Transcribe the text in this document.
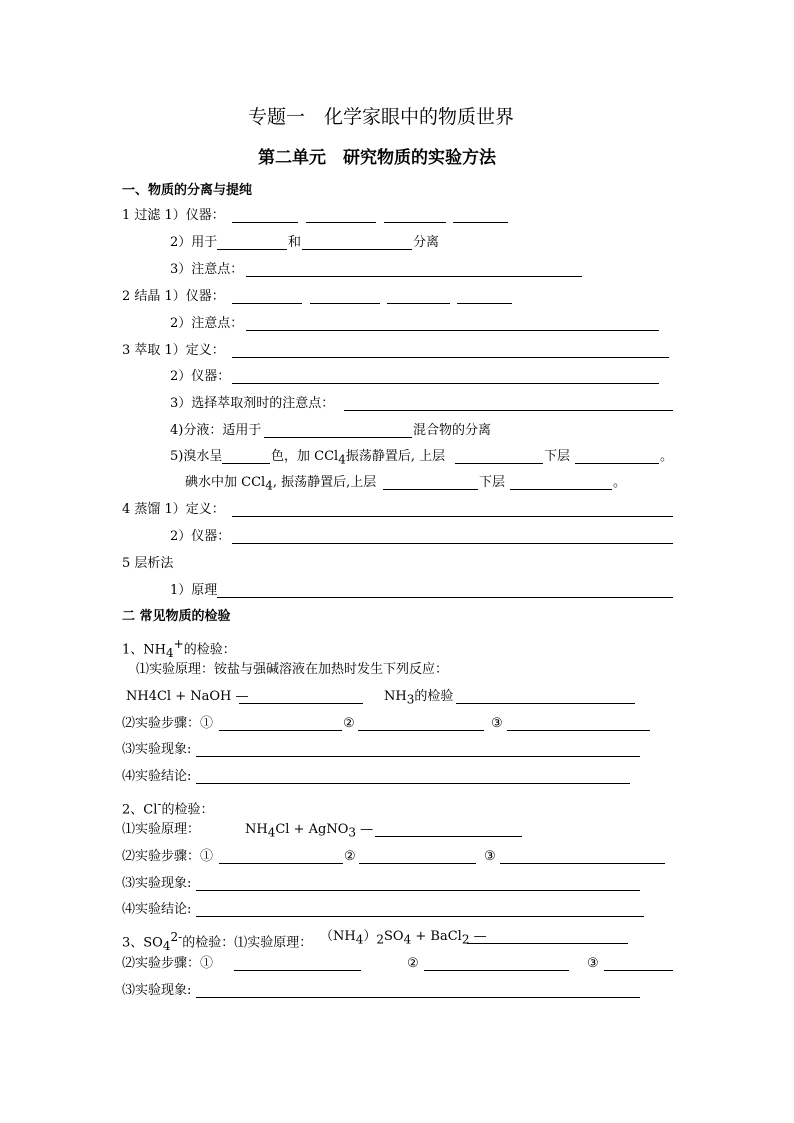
专题一　化学家眼中的物质世界
第二单元　研究物质的实验方法
一、物质的分离与提纯
1 过滤 1）仪器：
2）用于	和	分离
3）注意点：
2 结晶 1）仪器：
2）注意点：
3 萃取 1）定义：
2）仪器：
3）选择萃取剂时的注意点：
4)分液：适用于	混合物的分离
5)溴水呈	色，加 CCl$_4$振荡静置后, 上层	下层	。
碘水中加 CCl$_4$, 振荡静置后,上层	下层	。
4 蒸馏 1）定义：
2）仪器：
5 层析法
1）原理
二 常见物质的检验
1、$NH_4^+$的检验：
⑴实验原理：铵盐与强碱溶液在加热时发生下列反应：
NH4Cl + NaOH —	$NH_3$的检验
⑵实验步骤：①	②	③
⑶实验现象:
⑷实验结论:
2、Cl-的检验：
⑴实验原理：	$NH_4Cl$ + AgNO$_3$ —
⑵实验步骤：①	②	③
⑶实验现象:
⑷实验结论:
3、$SO_4^{2-}$的检验：⑴实验原理： $(NH_4)_2SO_4$ + BaCl$_2$ —
⑵实验步骤：①	②	③
⑶实验现象:
